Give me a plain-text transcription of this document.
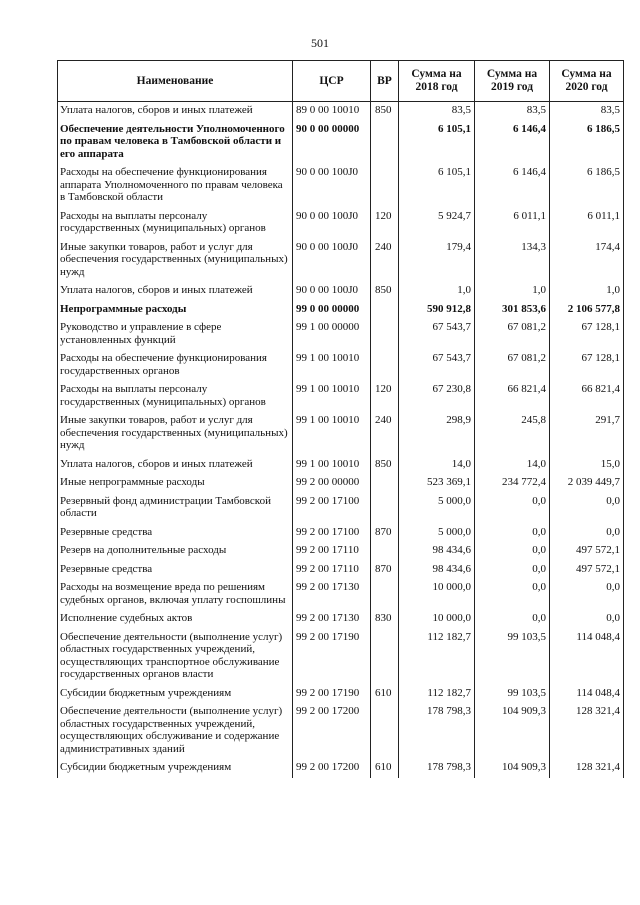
501
Наименование	ЦСР	ВР	Сумма на 2018 год	Сумма на 2019 год	Сумма на 2020 год
Уплата налогов, сборов и иных платежей	89 0 00 10010	850	83,5	83,5	83,5
Обеспечение деятельности Уполномоченного по правам человека в Тамбовской области и его аппарата	90 0 00 00000		6 105,1	6 146,4	6 186,5
Расходы на обеспечение функционирования аппарата Уполномоченного по правам человека в Тамбовской области	90 0 00 100J0		6 105,1	6 146,4	6 186,5
Расходы на выплаты персоналу государственных (муниципальных) органов	90 0 00 100J0	120	5 924,7	6 011,1	6 011,1
Иные закупки товаров, работ и услуг для обеспечения государственных (муниципальных) нужд	90 0 00 100J0	240	179,4	134,3	174,4
Уплата налогов, сборов и иных платежей	90 0 00 100J0	850	1,0	1,0	1,0
Непрограммные расходы	99 0 00 00000		590 912,8	301 853,6	2 106 577,8
Руководство и управление в сфере установленных функций	99 1 00 00000		67 543,7	67 081,2	67 128,1
Расходы на обеспечение функционирования государственных органов	99 1 00 10010		67 543,7	67 081,2	67 128,1
Расходы на выплаты персоналу государственных (муниципальных) органов	99 1 00 10010	120	67 230,8	66 821,4	66 821,4
Иные закупки товаров, работ и услуг для обеспечения государственных (муниципальных) нужд	99 1 00 10010	240	298,9	245,8	291,7
Уплата налогов, сборов и иных платежей	99 1 00 10010	850	14,0	14,0	15,0
Иные непрограммные расходы	99 2 00 00000		523 369,1	234 772,4	2 039 449,7
Резервный фонд администрации Тамбовской области	99 2 00 17100		5 000,0	0,0	0,0
Резервные средства	99 2 00 17100	870	5 000,0	0,0	0,0
Резерв на дополнительные расходы	99 2 00 17110		98 434,6	0,0	497 572,1
Резервные средства	99 2 00 17110	870	98 434,6	0,0	497 572,1
Расходы на возмещение вреда по решениям судебных органов, включая уплату госпошлины	99 2 00 17130		10 000,0	0,0	0,0
Исполнение судебных актов	99 2 00 17130	830	10 000,0	0,0	0,0
Обеспечение деятельности (выполнение услуг) областных государственных учреждений, осуществляющих транспортное обслуживание государственных органов власти	99 2 00 17190		112 182,7	99 103,5	114 048,4
Субсидии бюджетным учреждениям	99 2 00 17190	610	112 182,7	99 103,5	114 048,4
Обеспечение деятельности (выполнение услуг) областных государственных учреждений, осуществляющих обслуживание и содержание административных зданий	99 2 00 17200		178 798,3	104 909,3	128 321,4
Субсидии бюджетным учреждениям	99 2 00 17200	610	178 798,3	104 909,3	128 321,4
